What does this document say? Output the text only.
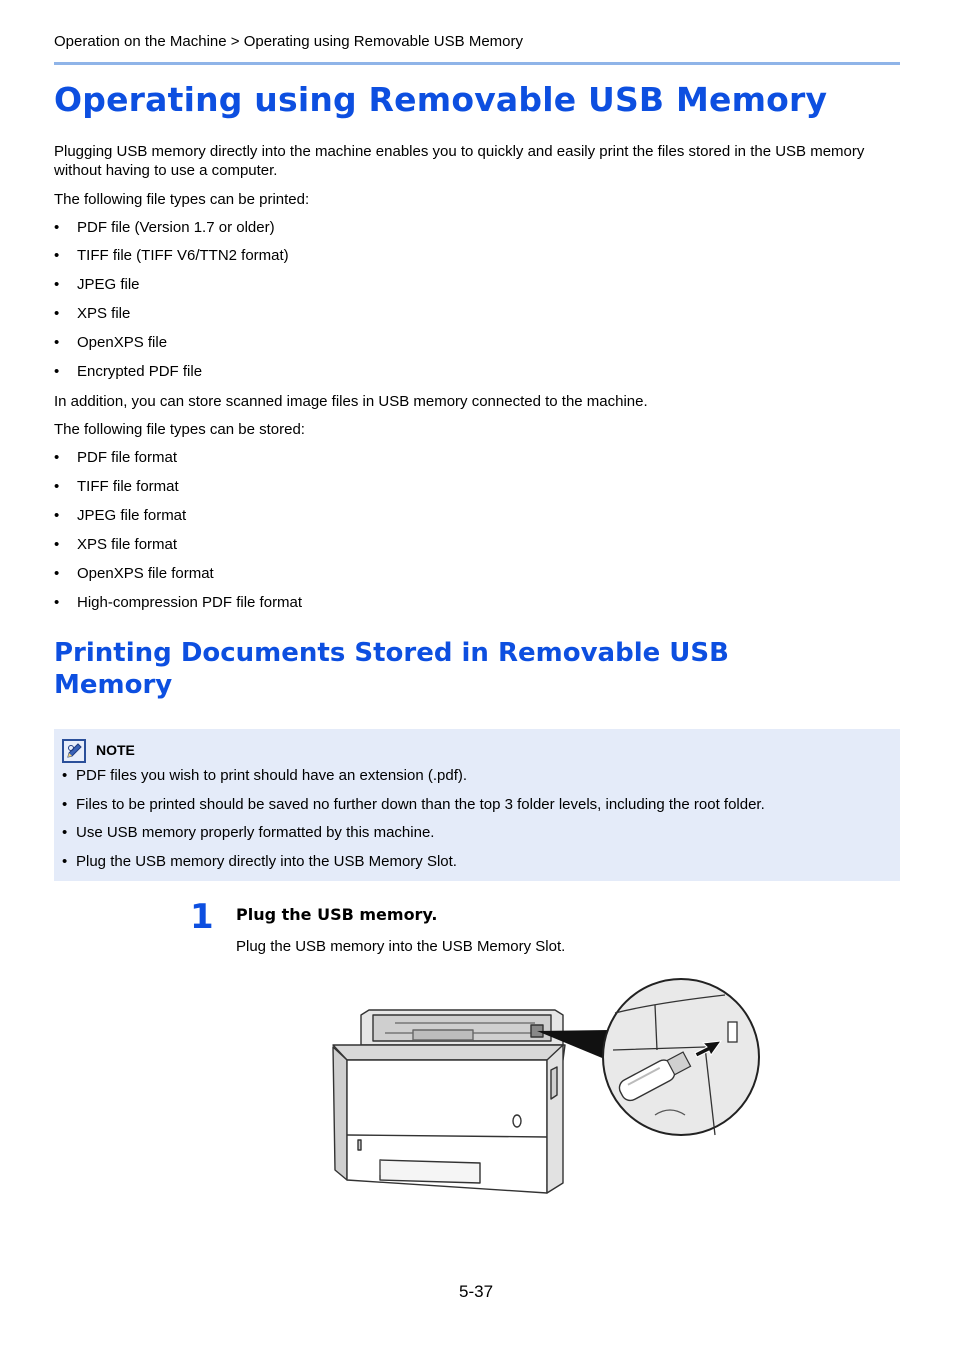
Operation on the Machine > Operating using Removable USB Memory
Operating using Removable USB Memory
Plugging USB memory directly into the machine enables you to quickly and easily print the files stored in the USB memory without having to use a computer.
The following file types can be printed:
• PDF file (Version 1.7 or older)
• TIFF file (TIFF V6/TTN2 format)
• JPEG file
• XPS file
• OpenXPS file
• Encrypted PDF file
In addition, you can store scanned image files in USB memory connected to the machine.
The following file types can be stored:
• PDF file format
• TIFF file format
• JPEG file format
• XPS file format
• OpenXPS file format
• High-compression PDF file format
Printing Documents Stored in Removable USB Memory
NOTE
• PDF files you wish to print should have an extension (.pdf).
• Files to be printed should be saved no further down than the top 3 folder levels, including the root folder.
• Use USB memory properly formatted by this machine.
• Plug the USB memory directly into the USB Memory Slot.
1 Plug the USB memory.
Plug the USB memory into the USB Memory Slot.
5-37
